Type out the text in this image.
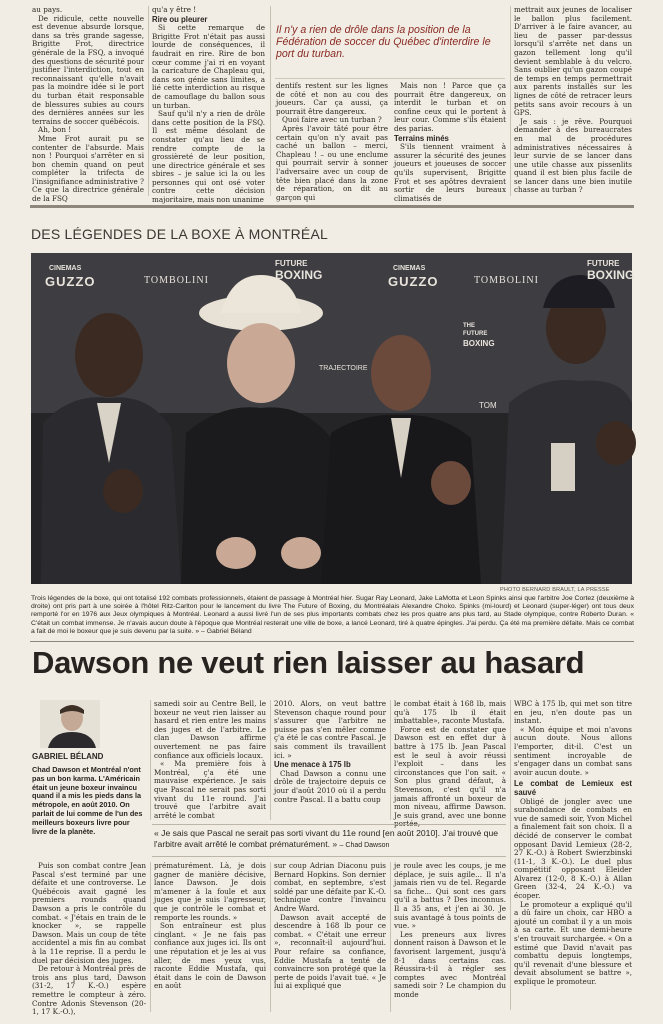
au pays.

De ridicule, cette nouvelle est devenue absurde lorsque, dans sa très grande sagesse, Brigitte Frot, directrice générale de la FSQ, a invoqué des questions de sécurité pour justifier l'interdiction, tout en reconnaissant qu'elle n'avait pas la moindre idée si le port du turban était responsable de blessures subies au cours des dernières années sur les terrains de soccer québécois.

Ah, bon !

Mme Frot aurait pu se contenter de l'absurde. Mais non ! Pourquoi s'arrêter en si bon chemin quand on peut compléter la trifecta de l'insignifiance administrative ? Ce que la directrice générale de la FSQ

qu'a y être !

Rire ou pleurer

Si cette remarque de Brigitte Frot n'était pas aussi lourde de conséquences, il faudrait en rire. Rire de bon cœur comme j'ai ri en voyant la caricature de Chapleau qui, dans son génie sans limites, a lié cette interdiction au risque de camouflage du ballon sous un turban.

Sauf qu'il n'y a rien de drôle dans cette position de la FSQ. Il est même désolant de constater qu'au lieu de se rendre compte de la grossièreté de leur position, une directrice générale et ses sbires – je salue ici la ou les personnes qui ont osé voter contre cette décision majoritaire, mais non unanime

Il n'y a rien de drôle dans la position de la Fédération de soccer du Québec d'interdire le port du turban.

dentifs restent sur les lignes de côté et non au cou des joueurs. Car ça aussi, ça pourrait être dangereux.

Quoi faire avec un turban ?

Après l'avoir tâté pour être certain qu'on n'y avait pas caché un ballon – merci, Chapleau ! – ou une enclume qui pourrait servir à sonner l'adversaire avec un coup de tête bien placé dans la zone de réparation, on dit au garçon qui

Mais non ! Parce que ça pourrait être dangereux, on interdit le turban et on confine ceux qui le portent à leur cour. Comme s'ils étaient des parias.

Terrains minés

S'ils tiennent vraiment à assurer la sécurité des jeunes joueurs et joueuses de soccer qu'ils supervisent, Brigitte Frot et ses apôtres devraient sortir de leurs bureaux climatisés de

mettrait aux jeunes de localiser le ballon plus facilement. D'arriver à le faire avancer, au lieu de passer par-dessus lorsqu'il s'arrête net dans un gazon tellement long qu'il devient semblable à du velcro. Sans oublier qu'un gazon coupé de temps en temps permettrait aux parents installés sur les lignes de côté de retracer leurs petits sans avoir recours à un GPS.

Je sais : je rêve. Pourquoi demander à des bureaucrates en mal de procédures administratives nécessaires à leur survie de se lancer dans une utile chasse aux pissenlits quand il est bien plus facile de se lancer dans une bien inutile chasse au turban ?

DES LÉGENDES DE LA BOXE À MONTRÉAL
CINEMAS
GUZZO	TOMBOLINI
FUTURE
BOXING	CINEMAS
GUZZO
THE
FUTURE
BOXING
TRAJECTOIRE
TOMBOLINI
FUTURE
BOXING
TOM
PHOTO BERNARD BRAULT, LA PRESSE
Trois légendes de la boxe, qui ont totalisé 192 combats professionnels, étaient de passage à Montréal hier. Sugar Ray Leonard, Jake LaMotta et Leon Spinks ainsi que l'arbitre Joe Cortez (deuxième à droite) ont pris part à une soirée à l'hôtel Ritz-Carlton pour le lancement du livre The Future of Boxing, du Montréalais Alexandre Choko. Spinks (mi-lourd) et Leonard (super-léger) ont tous deux remporté l'or en 1976 aux Jeux olympiques à Montréal. Leonard a aussi livré l'un de ses plus importants combats chez les pros quatre ans plus tard, au Stade olympique, contre Roberto Duran. « C'était un combat immense. Je n'avais aucun doute à l'époque que Montréal resterait une ville de boxe, a lancé Leonard, tiré à quatre épingles. J'ai perdu. Ça été ma première défaite. Mais ce combat a fait de moi le boxeur que je suis devenu par la suite. » – Gabriel Béland
Dawson ne veut rien laisser au hasard
GABRIEL BÉLAND
Chad Dawson et Montréal n'ont pas un bon karma. L'Américain était un jeune boxeur invaincu quand il a mis les pieds dans la métropole, en août 2010. On parlait de lui comme de l'un des meilleurs boxeurs livre pour livre de la planète.

samedi soir au Centre Bell, le boxeur ne veut rien laisser au hasard et rien entre les mains des juges et de l'arbitre. Le clan Dawson affirme ouvertement ne pas faire confiance aux officiels locaux.

« Ma première fois à Montréal, ç'a été une mauvaise expérience. Je sais que Pascal ne serait pas sorti vivant du 11e round. J'ai trouvé que l'arbitre avait arrêté le combat

2010. Alors, on veut battre Stevenson chaque round pour s'assurer que l'arbitre ne puisse pas s'en mêler comme ç'a été le cas contre Pascal. Je sais comment ils travaillent ici. »

Une menace à 175 lb

Chad Dawson a connu une drôle de trajectoire depuis ce jour d'août 2010 où il a perdu contre Pascal. Il a battu coup

le combat était à 168 lb, mais qu'à 175 lb il était imbattable», raconte Mustafa.

Force est de constater que Dawson est en effet dur à battre à 175 lb. Jean Pascal est le seul à avoir réussi l'exploit – dans les circonstances que l'on sait. « Son plus grand défaut, à Stevenson, c'est qu'il n'a jamais affronté un boxeur de mon niveau, affirme Dawson. Je suis grand, avec une bonne

WBC à 175 lb, qui met son titre en jeu, n'en doute pas un instant.

« Mon équipe et moi n'avons aucun doute. Nous allons l'emporter, dit-il. C'est un sentiment incroyable de s'engager dans un combat sans avoir aucun doute. »

Le combat de Lemieux est sauvé

Obligé de jongler avec une surabondance de combats en vue de samedi soir, Yvon Michel a finalement fait son choix. Il a décidé de conserver le combat opposant David Lemieux (28-2, 27 K.-O.) à Robert Swierzbinski (11-1, 3 K.-O.). Le duel plus compétitif opposant Eleider Alvarez (12-0, 8 K.-O.) à Allan Green (32-4, 24 K.-O.) va écoper.

Le promoteur a expliqué qu'il a dû faire un choix, car HBO a ajouté un combat il y a un mois à sa carte. Et une demi-heure s'en trouvait surchargée. « On a estimé que David n'avait pas combattu depuis longtemps, qu'il revenait d'une blessure et devait absolument se battre », explique le promoteur.

« Je sais que Pascal ne serait pas sorti vivant du 11e round [en août 2010]. J'ai trouvé que l'arbitre avait arrêté le combat prématurément. » – Chad Dawson

Puis son combat contre Jean Pascal s'est terminé par une défaite et une controverse. Le Québécois avait gagné les premiers rounds quand Dawson a pris le contrôle du combat. « J'étais en train de le knocker », se rappelle Dawson. Mais un coup de tête accidentel a mis fin au combat à la 11e reprise. Il a perdu le duel par décision des juges.

De retour à Montréal près de trois ans plus tard, Dawson (31-2, 17 K.-O.) espère remettre le compteur à zéro. Contre Adonis Stevenson (20-1, 17 K.-O.),

prématurément. Là, je dois gagner de manière décisive, lance Dawson. Je dois m'amener à la foule et aux juges que je suis l'agresseur, que je contrôle le combat et remporte les rounds. »

Son entraîneur est plus cinglant. « Je ne fais pas confiance aux juges ici. Ils ont une réputation et je les ai vus aller, de mes yeux vus, raconte Eddie Mustafa, qui était dans le coin de Dawson en août

sur coup Adrian Diaconu puis Bernard Hopkins. Son dernier combat, en septembre, s'est soldé par une défaite par K.-O. technique contre l'invaincu Andre Ward.

Dawson avait accepté de descendre à 168 lb pour ce combat. « C'était une erreur », reconnaît-il aujourd'hui. Pour refaire sa confiance, Eddie Mustafa a tenté de convaincre son protégé que la perte de poids l'avait tué. « Je lui ai expliqué que

je roule avec les coups, je me déplace, je suis agile... Il n'a jamais rien vu de tel. Regarde sa fiche... Qui sont ces gars qu'il a battus ? Des inconnus. Il a 35 ans, et j'en ai 30. Je suis avantagé à tous points de vue. »

Les preneurs aux livres donnent raison à Dawson et le favorisent largement, jusqu'à 8-1 dans certains cas. Réussira-t-il à régler ses comptes avec Montréal samedi soir ? Le champion du monde
